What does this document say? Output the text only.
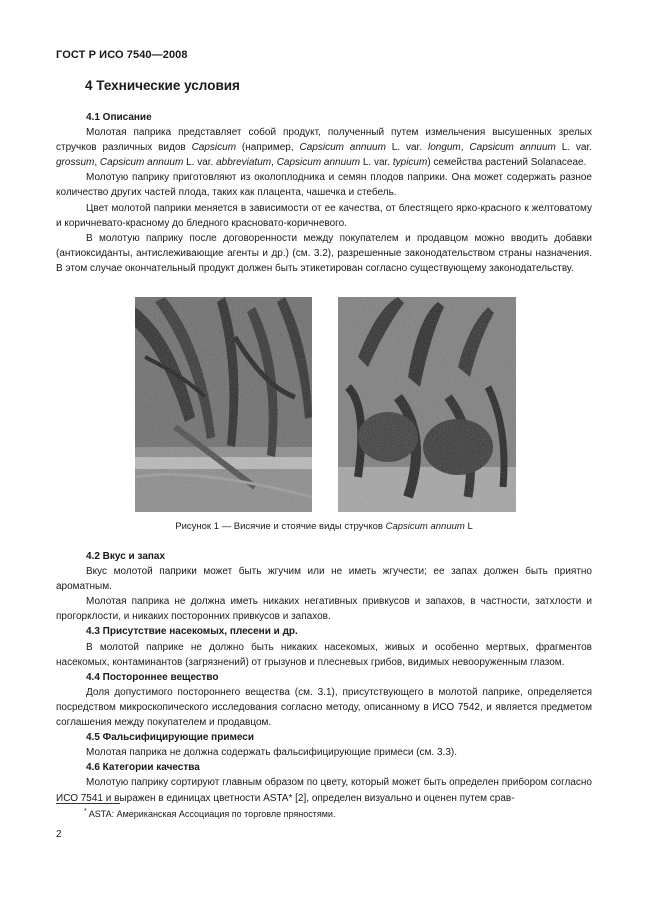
ГОСТ Р ИСО 7540—2008
4 Технические условия
4.1 Описание

Молотая паприка представляет собой продукт, полученный путем измельчения высушенных зрелых стручков различных видов Capsicum (например, Capsicum annuum L. var. longum, Capsicum annuum L. var. grossum, Capsicum annuum L. var. abbreviatum, Capsicum annuum L. var. typicum) семейства растений Solanaceae.

Молотую паприку приготовляют из околоплодника и семян плодов паприки. Она может содержать разное количество других частей плода, таких как плацента, чашечка и стебель.

Цвет молотой паприки меняется в зависимости от ее качества, от блестящего ярко-красного к желтоватому и коричневато-красному до бледного красновато-коричневого.

В молотую паприку после договоренности между покупателем и продавцом можно вводить добавки (антиоксиданты, антислеживающие агенты и др.) (см. 3.2), разрешенные законодательством страны назначения. В этом случае окончательный продукт должен быть этикетирован согласно существующему законодательству.

Рисунок 1 — Висячие и стоячие виды стручков Capsicum annuum L
4.2 Вкус и запах

Вкус молотой паприки может быть жгучим или не иметь жгучести; ее запах должен быть приятно ароматным.

Молотая паприка не должна иметь никаких негативных привкусов и запахов, в частности, затхлости и прогорклости, и никаких посторонних привкусов и запахов.

4.3 Присутствие насекомых, плесени и др.

В молотой паприке не должно быть никаких насекомых, живых и особенно мертвых, фрагментов насекомых, контаминантов (загрязнений) от грызунов и плесневых грибов, видимых невооруженным глазом.

4.4 Постороннее вещество

Доля допустимого постороннего вещества (см. 3.1), присутствующего в молотой паприке, определяется посредством микроскопического исследования согласно методу, описанному в ИСО 7542, и является предметом соглашения между покупателем и продавцом.

4.5 Фальсифицирующие примеси

Молотая паприка не должна содержать фальсифицирующие примеси (см. 3.3).

4.6 Категории качества

Молотую паприку сортируют главным образом по цвету, который может быть определен прибором согласно ИСО 7541 и выражен в единицах цветности ASTA* [2], определен визуально и оценен путем срав-

* ASTA: Американская Ассоциация по торговле пряностями.
2
